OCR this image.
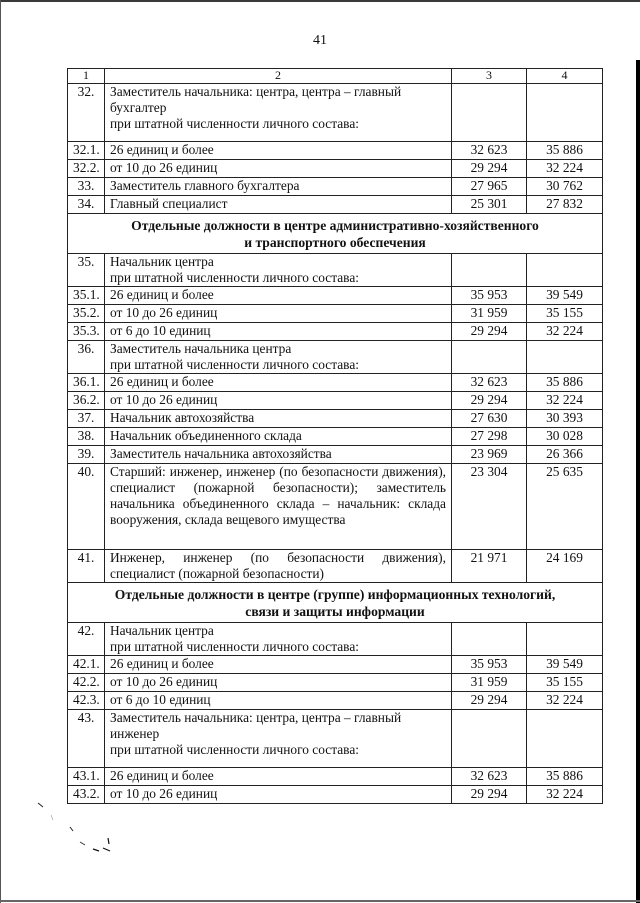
41
1	2	3	4
32.	Заместитель начальника: центра, центра – главный
бухгалтер
при штатной численности личного состава:		

32.1.	26 единиц и более	32 623	35 886
32.2.	от 10 до 26 единиц	29 294	32 224
33.	Заместитель главного бухгалтера	27 965	30 762
34.	Главный специалист	25 301	27 832

Отдельные должности в центре административно-хозяйственного
и транспортного обеспечения			

35.	Начальник центра
при штатной численности личного состава:		

35.1.	26 единиц и более	35 953	39 549
35.2.	от 10 до 26 единиц	31 959	35 155
35.3.	от 6 до 10 единиц	29 294	32 224
36.	Заместитель начальника центра
при штатной численности личного состава:		

36.1.	26 единиц и более	32 623	35 886
36.2.	от 10 до 26 единиц	29 294	32 224
37.	Начальник автохозяйства	27 630	30 393
38.	Начальник объединенного склада	27 298	30 028
39.	Заместитель начальника автохозяйства	23 969	26 366
40.	Старший: инженер, инженер (по безопасности движения), специалист (пожарной безопасности); заместитель начальника объединенного склада – начальник: склада вооружения, склада вещевого имущества	23 304	25 635
41.	Инженер, инженер (по безопасности движения), специалист (пожарной безопасности)	21 971	24 169

Отдельные должности в центре (группе) информационных технологий,
связи и защиты информации			

42.	Начальник центра
при штатной численности личного состава:		

42.1.	26 единиц и более	35 953	39 549
42.2.	от 10 до 26 единиц	31 959	35 155
42.3.	от 6 до 10 единиц	29 294	32 224
43.	Заместитель начальника: центра, центра – главный
инженер
при штатной численности личного состава:		

43.1.	26 единиц и более	32 623	35 886
43.2.	от 10 до 26 единиц	29 294	32 224
